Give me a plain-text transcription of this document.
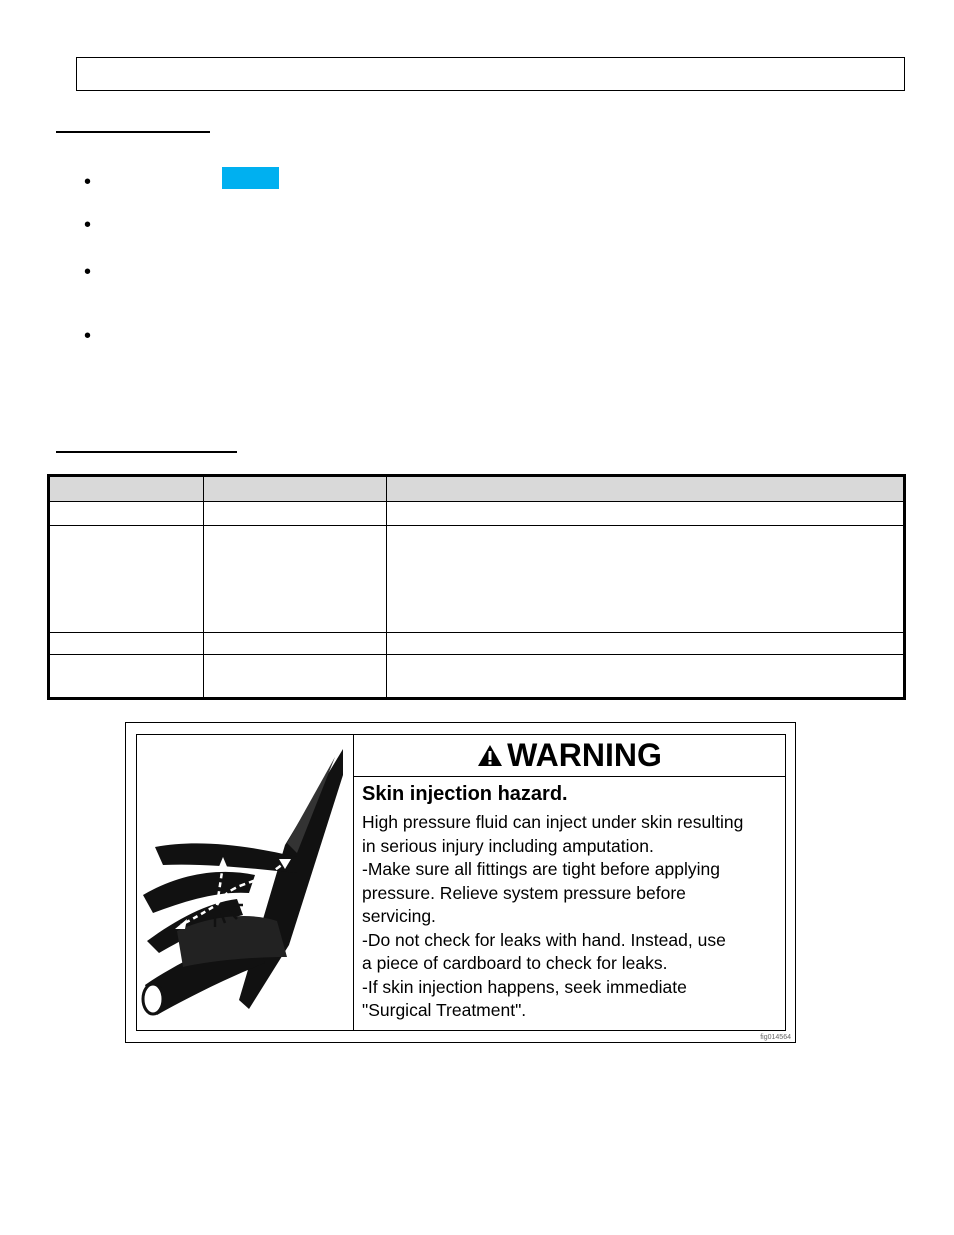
•
•
•
•

WARNING
Skin injection hazard.
High pressure fluid can inject under skin resulting
in serious injury including amputation.
-Make sure all fittings are tight before applying
pressure. Relieve system pressure before
servicing.
-Do not check for leaks with hand. Instead, use
a piece of cardboard to check for leaks.
-If skin injection happens, seek immediate
"Surgical Treatment".
fig014564
